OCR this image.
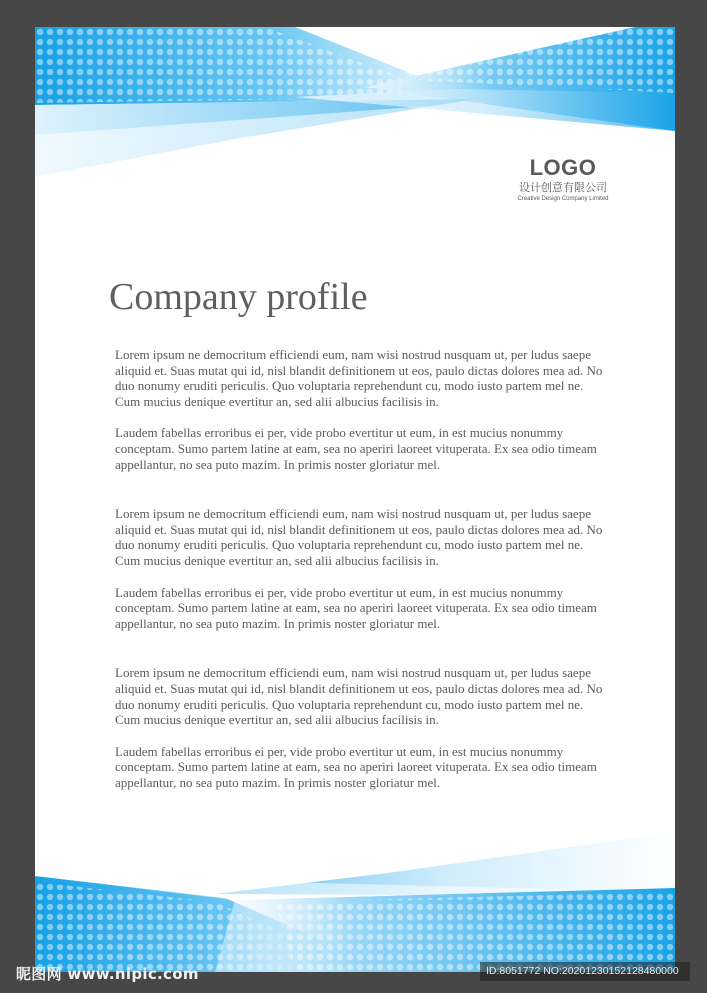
LOGO
设计创意有限公司
Creative Design Company Limited
Company profile

Lorem ipsum ne democritum efficiendi eum, nam wisi nostrud nusquam ut, per ludus saepe aliquid et. Suas mutat qui id, nisl blandit definitionem ut eos, paulo dictas dolores mea ad. No duo nonumy eruditi periculis. Quo voluptaria reprehendunt cu, modo iusto partem mel ne. Cum mucius denique evertitur an, sed alii albucius facilisis in.

Laudem fabellas erroribus ei per, vide probo evertitur ut eum, in est mucius nonummy conceptam. Sumo partem latine at eam, sea no aperiri laoreet vituperata. Ex sea odio timeam appellantur, no sea puto mazim. In primis noster gloriatur mel.

Lorem ipsum ne democritum efficiendi eum, nam wisi nostrud nusquam ut, per ludus saepe aliquid et. Suas mutat qui id, nisl blandit definitionem ut eos, paulo dictas dolores mea ad. No duo nonumy eruditi periculis. Quo voluptaria reprehendunt cu, modo iusto partem mel ne. Cum mucius denique evertitur an, sed alii albucius facilisis in.

Laudem fabellas erroribus ei per, vide probo evertitur ut eum, in est mucius nonummy conceptam. Sumo partem latine at eam, sea no aperiri laoreet vituperata. Ex sea odio timeam appellantur, no sea puto mazim. In primis noster gloriatur mel.

Lorem ipsum ne democritum efficiendi eum, nam wisi nostrud nusquam ut, per ludus saepe aliquid et. Suas mutat qui id, nisl blandit definitionem ut eos, paulo dictas dolores mea ad. No duo nonumy eruditi periculis. Quo voluptaria reprehendunt cu, modo iusto partem mel ne. Cum mucius denique evertitur an, sed alii albucius facilisis in.

Laudem fabellas erroribus ei per, vide probo evertitur ut eum, in est mucius nonummy conceptam. Sumo partem latine at eam, sea no aperiri laoreet vituperata. Ex sea odio timeam appellantur, no sea puto mazim. In primis noster gloriatur mel.

昵图网 www.nipic.com	ID:8051772 NO:20201230152128480000
